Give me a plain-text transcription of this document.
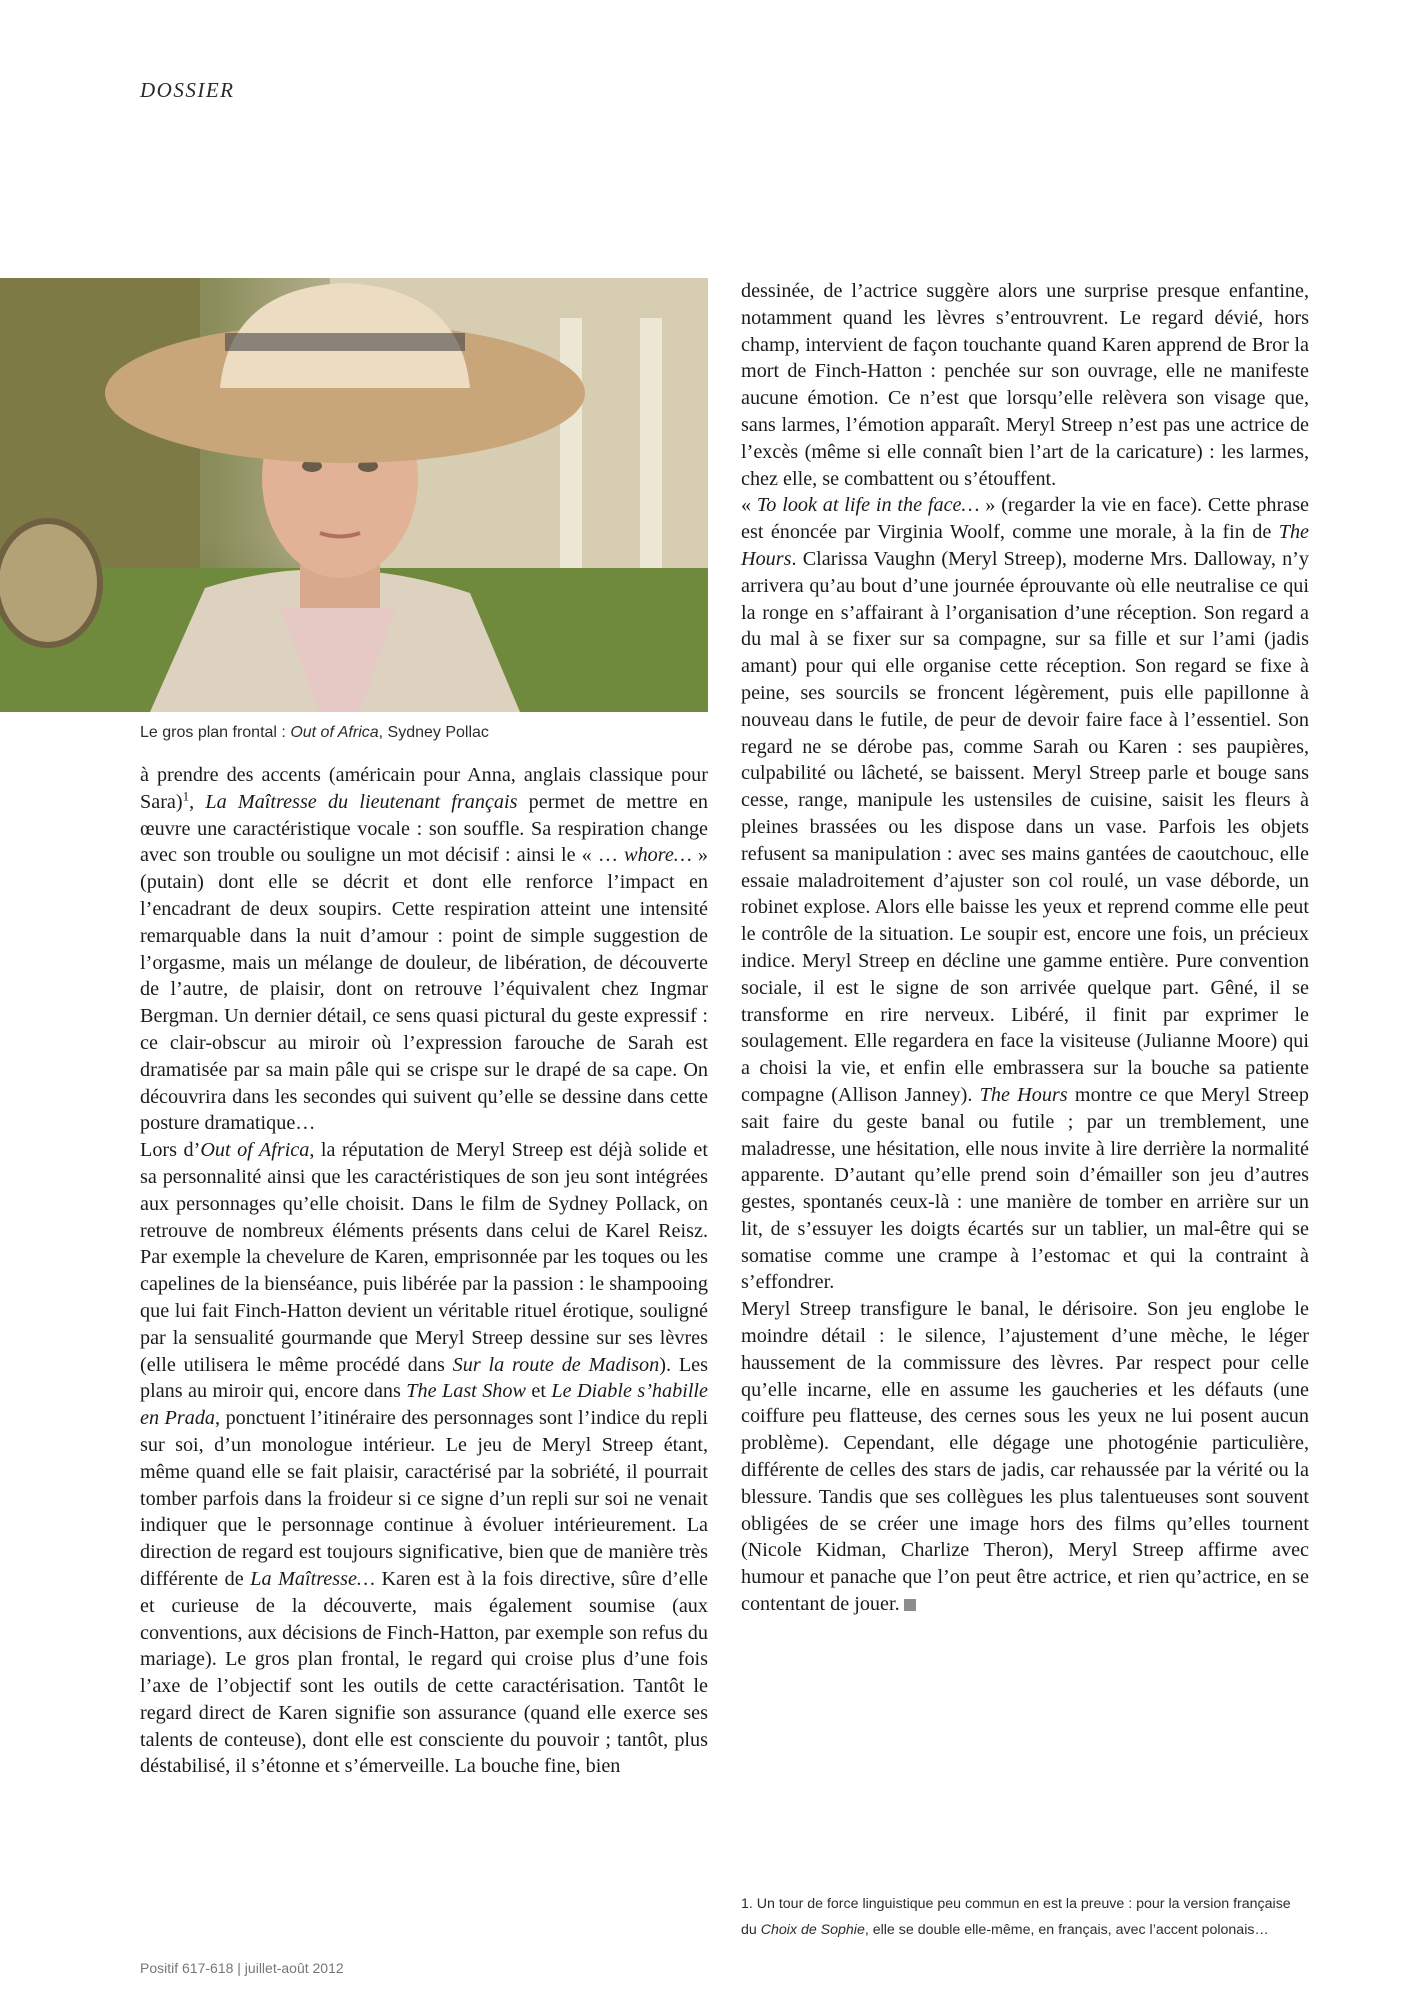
DOSSIER
Le gros plan frontal : Out of Africa, Sydney Pollac

à prendre des accents (américain pour Anna, anglais classique pour Sara)$^1$, La Maîtresse du lieutenant français permet de mettre en œuvre une caractéristique vocale : son souffle. Sa respiration change avec son trouble ou souligne un mot décisif : ainsi le « … whore… » (putain) dont elle se décrit et dont elle renforce l’impact en l’encadrant de deux soupirs. Cette respiration atteint une intensité remarquable dans la nuit d’amour : point de simple suggestion de l’orgasme, mais un mélange de douleur, de libération, de découverte de l’autre, de plaisir, dont on retrouve l’équivalent chez Ingmar Bergman. Un dernier détail, ce sens quasi pictural du geste expressif : ce clair-obscur au miroir où l’expression farouche de Sarah est dramatisée par sa main pâle qui se crispe sur le drapé de sa cape. On découvrira dans les secondes qui suivent qu’elle se dessine dans cette posture dramatique…

Lors d’Out of Africa, la réputation de Meryl Streep est déjà solide et sa personnalité ainsi que les caractéristiques de son jeu sont intégrées aux personnages qu’elle choisit. Dans le film de Sydney Pollack, on retrouve de nombreux éléments présents dans celui de Karel Reisz. Par exemple la chevelure de Karen, emprisonnée par les toques ou les capelines de la bienséance, puis libérée par la passion : le shampooing que lui fait Finch-Hatton devient un véritable rituel érotique, souligné par la sensualité gourmande que Meryl Streep dessine sur ses lèvres (elle utilisera le même procédé dans Sur la route de Madison). Les plans au miroir qui, encore dans The Last Show et Le Diable s’habille en Prada, ponctuent l’itinéraire des personnages sont l’indice du repli sur soi, d’un monologue intérieur. Le jeu de Meryl Streep étant, même quand elle se fait plaisir, caractérisé par la sobriété, il pourrait tomber parfois dans la froideur si ce signe d’un repli sur soi ne venait indiquer que le personnage continue à évoluer intérieurement. La direction de regard est toujours significative, bien que de manière très différente de La Maîtresse… Karen est à la fois directive, sûre d’elle et curieuse de la découverte, mais également soumise (aux conventions, aux décisions de Finch-Hatton, par exemple son refus du mariage). Le gros plan frontal, le regard qui croise plus d’une fois l’axe de l’objectif sont les outils de cette caractérisation. Tantôt le regard direct de Karen signifie son assurance (quand elle exerce ses talents de conteuse), dont elle est consciente du pouvoir ; tantôt, plus déstabilisé, il s’étonne et s’émerveille. La bouche fine, bien

dessinée, de l’actrice suggère alors une surprise presque enfantine, notamment quand les lèvres s’entrouvrent. Le regard dévié, hors champ, intervient de façon touchante quand Karen apprend de Bror la mort de Finch-Hatton : penchée sur son ouvrage, elle ne manifeste aucune émotion. Ce n’est que lorsqu’elle relèvera son visage que, sans larmes, l’émotion apparaît. Meryl Streep n’est pas une actrice de l’excès (même si elle connaît bien l’art de la caricature) : les larmes, chez elle, se combattent ou s’étouffent.

« To look at life in the face… » (regarder la vie en face). Cette phrase est énoncée par Virginia Woolf, comme une morale, à la fin de The Hours. Clarissa Vaughn (Meryl Streep), moderne Mrs. Dalloway, n’y arrivera qu’au bout d’une journée éprouvante où elle neutralise ce qui la ronge en s’affairant à l’organisation d’une réception. Son regard a du mal à se fixer sur sa compagne, sur sa fille et sur l’ami (jadis amant) pour qui elle organise cette réception. Son regard se fixe à peine, ses sourcils se froncent légèrement, puis elle papillonne à nouveau dans le futile, de peur de devoir faire face à l’essentiel. Son regard ne se dérobe pas, comme Sarah ou Karen : ses paupières, culpabilité ou lâcheté, se baissent. Meryl Streep parle et bouge sans cesse, range, manipule les ustensiles de cuisine, saisit les fleurs à pleines brassées ou les dispose dans un vase. Parfois les objets refusent sa manipulation : avec ses mains gantées de caoutchouc, elle essaie maladroitement d’ajuster son col roulé, un vase déborde, un robinet explose. Alors elle baisse les yeux et reprend comme elle peut le contrôle de la situation. Le soupir est, encore une fois, un précieux indice. Meryl Streep en décline une gamme entière. Pure convention sociale, il est le signe de son arrivée quelque part. Gêné, il se transforme en rire nerveux. Libéré, il finit par exprimer le soulagement. Elle regardera en face la visiteuse (Julianne Moore) qui a choisi la vie, et enfin elle embrassera sur la bouche sa patiente compagne (Allison Janney). The Hours montre ce que Meryl Streep sait faire du geste banal ou futile ; par un tremblement, une maladresse, une hésitation, elle nous invite à lire derrière la normalité apparente. D’autant qu’elle prend soin d’émailler son jeu d’autres gestes, spontanés ceux-là : une manière de tomber en arrière sur un lit, de s’essuyer les doigts écartés sur un tablier, un mal-être qui se somatise comme une crampe à l’estomac et qui la contraint à s’effondrer.

Meryl Streep transfigure le banal, le dérisoire. Son jeu englobe le moindre détail : le silence, l’ajustement d’une mèche, le léger haussement de la commissure des lèvres. Par respect pour celle qu’elle incarne, elle en assume les gaucheries et les défauts (une coiffure peu flatteuse, des cernes sous les yeux ne lui posent aucun problème). Cependant, elle dégage une photogénie particulière, différente de celles des stars de jadis, car rehaussée par la vérité ou la blessure. Tandis que ses collègues les plus talentueuses sont souvent obligées de se créer une image hors des films qu’elles tournent (Nicole Kidman, Charlize Theron), Meryl Streep affirme avec humour et panache que l’on peut être actrice, et rien qu’actrice, en se contentant de jouer.

1. Un tour de force linguistique peu commun en est la preuve : pour la version française du Choix de Sophie, elle se double elle-même, en français, avec l’accent polonais…
Positif 617-618 | juillet-août 2012
